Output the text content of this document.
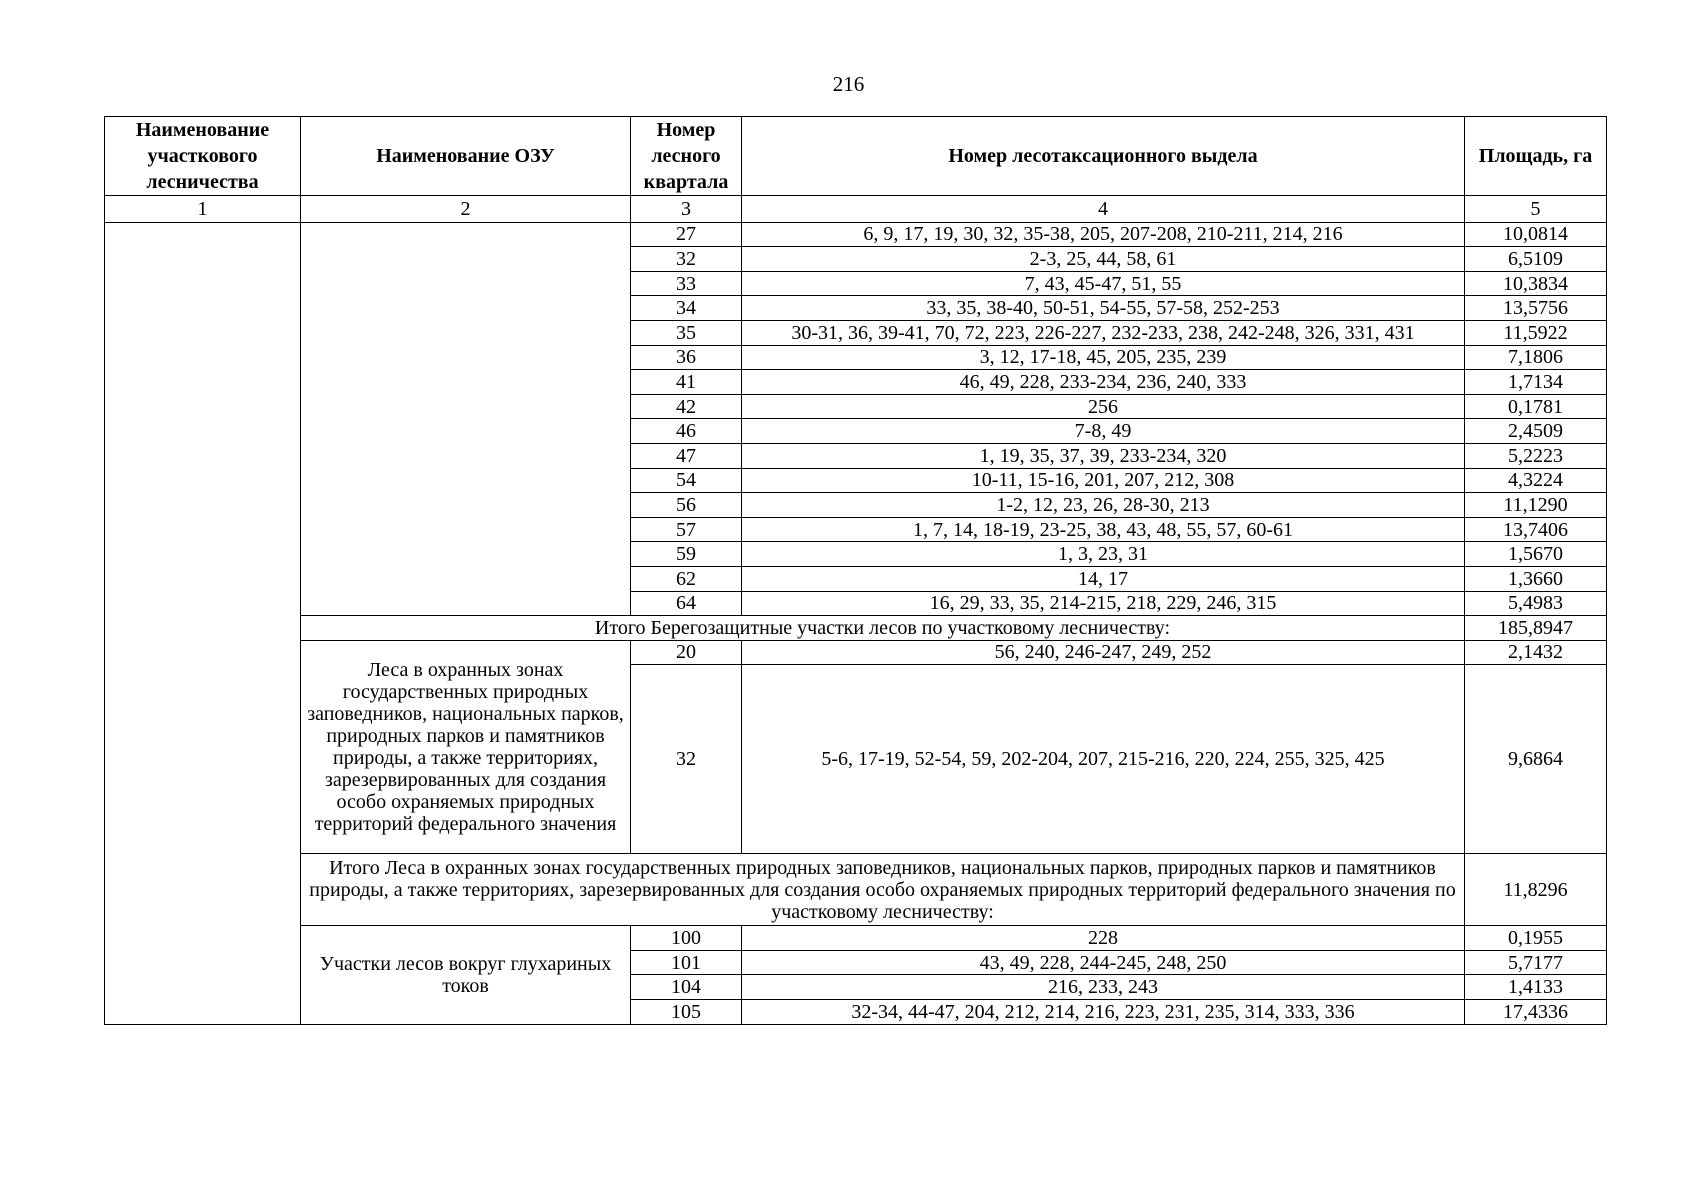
216
Наименование участкового лесничества	Наименование ОЗУ	Номер лесного квартала	Номер лесотаксационного выдела	Площадь, га
1	2	3	4	5
		27	6, 9, 17, 19, 30, 32, 35-38, 205, 207-208, 210-211, 214, 216	10,0814
		32	2-3, 25, 44, 58, 61	6,5109
		33	7, 43, 45-47, 51, 55	10,3834
		34	33, 35, 38-40, 50-51, 54-55, 57-58, 252-253	13,5756
		35	30-31, 36, 39-41, 70, 72, 223, 226-227, 232-233, 238, 242-248, 326, 331, 431	11,5922
		36	3, 12, 17-18, 45, 205, 235, 239	7,1806
		41	46, 49, 228, 233-234, 236, 240, 333	1,7134
		42	256	0,1781
		46	7-8, 49	2,4509
		47	1, 19, 35, 37, 39, 233-234, 320	5,2223
		54	10-11, 15-16, 201, 207, 212, 308	4,3224
		56	1-2, 12, 23, 26, 28-30, 213	11,1290
		57	1, 7, 14, 18-19, 23-25, 38, 43, 48, 55, 57, 60-61	13,7406
		59	1, 3, 23, 31	1,5670
		62	14, 17	1,3660
		64	16, 29, 33, 35, 214-215, 218, 229, 246, 315	5,4983
	Итого Берегозащитные участки лесов по участковому лесничеству:			185,8947
	Леса в охранных зонах государственных природных заповедников, национальных парков, природных парков и памятников природы, а также территориях, зарезервированных для создания особо охраняемых природных территорий федерального значения	20	56, 240, 246-247, 249, 252	2,1432
		32	5-6, 17-19, 52-54, 59, 202-204, 207, 215-216, 220, 224, 255, 325, 425	9,6864
	Итого Леса в охранных зонах государственных природных заповедников, национальных парков, природных парков и памятников природы, а также территориях, зарезервированных для создания особо охраняемых природных территорий федерального значения по участковому лесничеству:			11,8296
	Участки лесов вокруг глухариных токов	100	228	0,1955
		101	43, 49, 228, 244-245, 248, 250	5,7177
		104	216, 233, 243	1,4133
		105	32-34, 44-47, 204, 212, 214, 216, 223, 231, 235, 314, 333, 336	17,4336
